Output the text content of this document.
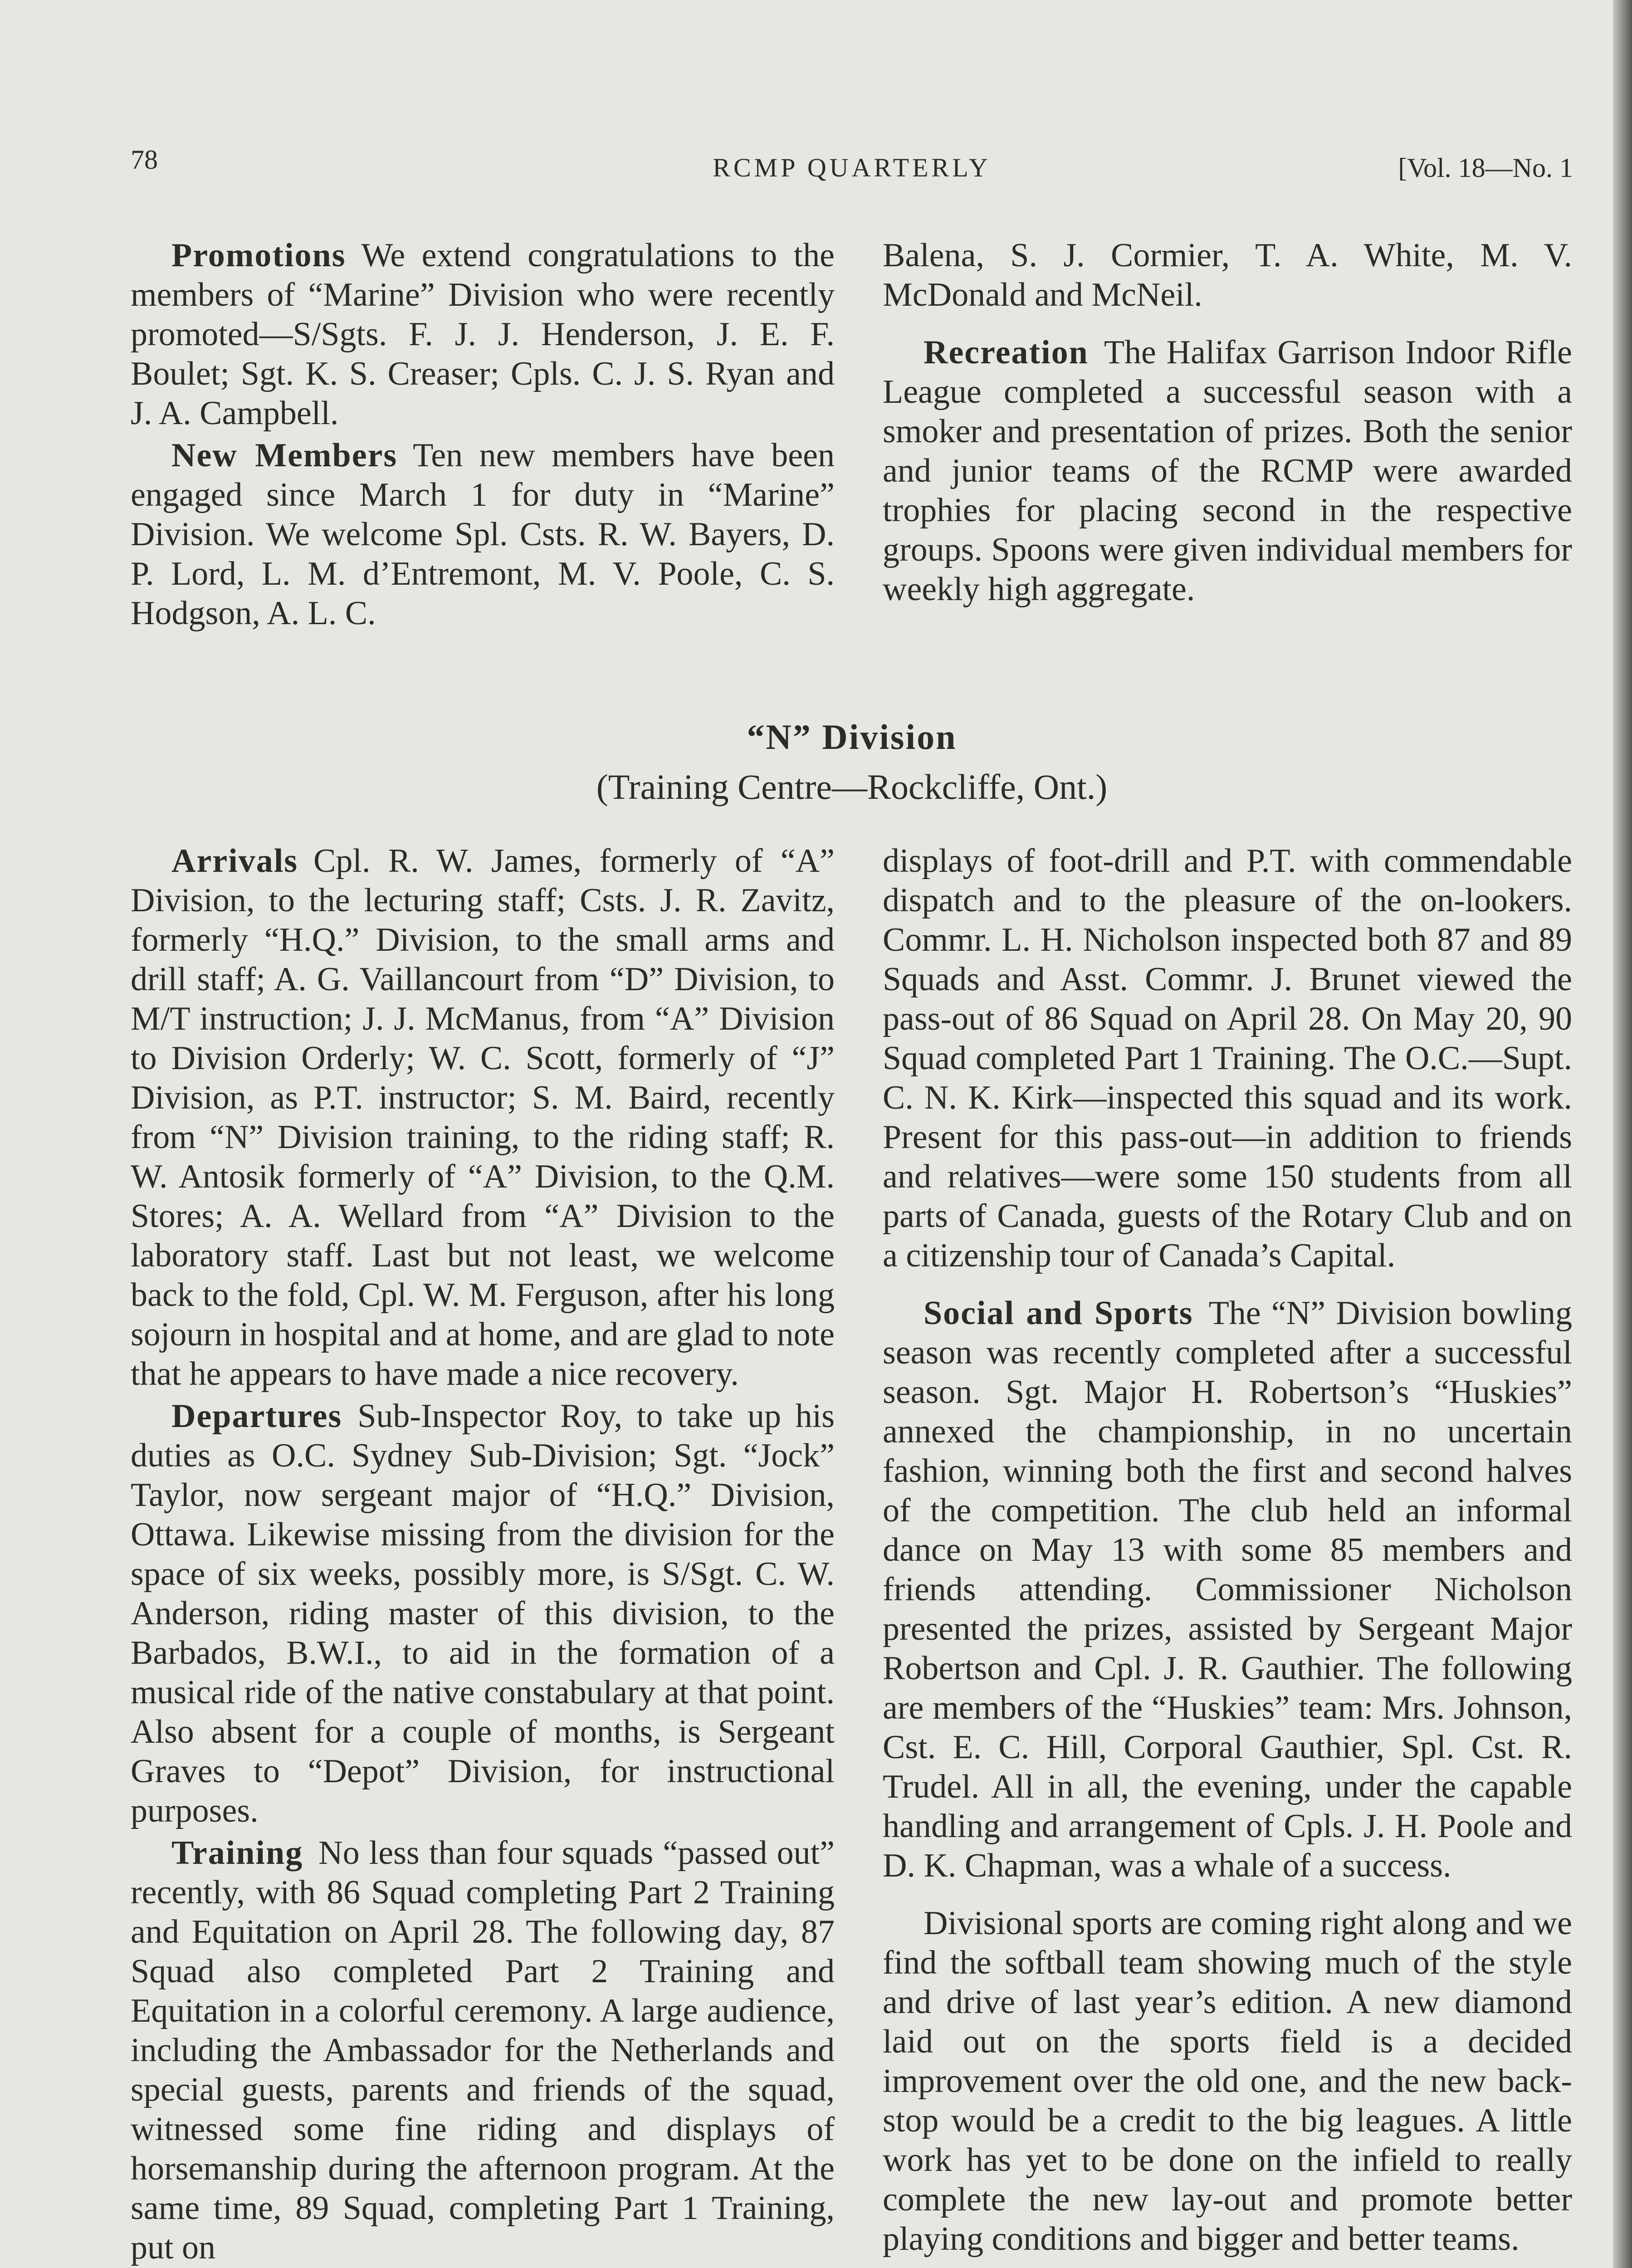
78	RCMP QUARTERLY	[Vol. 18—No. 1

Promotions We extend congratulations to the members of “Marine” Division who were recently promoted—S/Sgts. F. J. J. Henderson, J. E. F. Boulet; Sgt. K. S. Creaser; Cpls. C. J. S. Ryan and J. A. Campbell.

New Members Ten new members have been engaged since March 1 for duty in “Marine” Division. We welcome Spl. Csts. R. W. Bayers, D. P. Lord, L. M. d’Entremont, M. V. Poole, C. S. Hodgson, A. L. C.

Balena, S. J. Cormier, T. A. White, M. V. McDonald and McNeil.

Recreation The Halifax Garrison Indoor Rifle League completed a successful season with a smoker and presentation of prizes. Both the senior and junior teams of the RCMP were awarded trophies for placing second in the respective groups. Spoons were given individual members for weekly high aggregate.

“N” Division
(Training Centre—Rockcliffe, Ont.)

Arrivals Cpl. R. W. James, formerly of “A” Division, to the lecturing staff; Csts. J. R. Zavitz, formerly “H.Q.” Division, to the small arms and drill staff; A. G. Vaillancourt from “D” Division, to M/T instruction; J. J. McManus, from “A” Division to Division Orderly; W. C. Scott, formerly of “J” Division, as P.T. instructor; S. M. Baird, recently from “N” Division training, to the riding staff; R. W. Antosik formerly of “A” Division, to the Q.M. Stores; A. A. Wellard from “A” Division to the laboratory staff. Last but not least, we welcome back to the fold, Cpl. W. M. Ferguson, after his long sojourn in hospital and at home, and are glad to note that he appears to have made a nice recovery.

Departures Sub-Inspector Roy, to take up his duties as O.C. Sydney Sub-Division; Sgt. “Jock” Taylor, now sergeant major of “H.Q.” Division, Ottawa. Likewise missing from the division for the space of six weeks, possibly more, is S/Sgt. C. W. Anderson, riding master of this division, to the Barbados, B.W.I., to aid in the formation of a musical ride of the native constabulary at that point. Also absent for a couple of months, is Sergeant Graves to “Depot” Division, for instructional purposes.

Training No less than four squads “passed out” recently, with 86 Squad completing Part 2 Training and Equitation on April 28. The following day, 87 Squad also completed Part 2 Training and Equitation in a colorful ceremony. A large audience, including the Ambassador for the Netherlands and special guests, parents and friends of the squad, witnessed some fine riding and displays of horsemanship during the afternoon program. At the same time, 89 Squad, completing Part 1 Training, put on

displays of foot-drill and P.T. with commendable dispatch and to the pleasure of the on-lookers. Commr. L. H. Nicholson inspected both 87 and 89 Squads and Asst. Commr. J. Brunet viewed the pass-out of 86 Squad on April 28. On May 20, 90 Squad completed Part 1 Training. The O.C.—Supt. C. N. K. Kirk—inspected this squad and its work. Present for this pass-out—in addition to friends and relatives—were some 150 students from all parts of Canada, guests of the Rotary Club and on a citizenship tour of Canada’s Capital.

Social and Sports The “N” Division bowling season was recently completed after a successful season. Sgt. Major H. Robertson’s “Huskies” annexed the championship, in no uncertain fashion, winning both the first and second halves of the competition. The club held an informal dance on May 13 with some 85 members and friends attending. Commissioner Nicholson presented the prizes, assisted by Sergeant Major Robertson and Cpl. J. R. Gauthier. The following are members of the “Huskies” team: Mrs. Johnson, Cst. E. C. Hill, Corporal Gauthier, Spl. Cst. R. Trudel. All in all, the evening, under the capable handling and arrangement of Cpls. J. H. Poole and D. K. Chapman, was a whale of a success.

Divisional sports are coming right along and we find the softball team showing much of the style and drive of last year’s edition. A new diamond laid out on the sports field is a decided improvement over the old one, and the new back-stop would be a credit to the big leagues. A little work has yet to be done on the infield to really complete the new lay-out and promote better playing conditions and bigger and better teams.
